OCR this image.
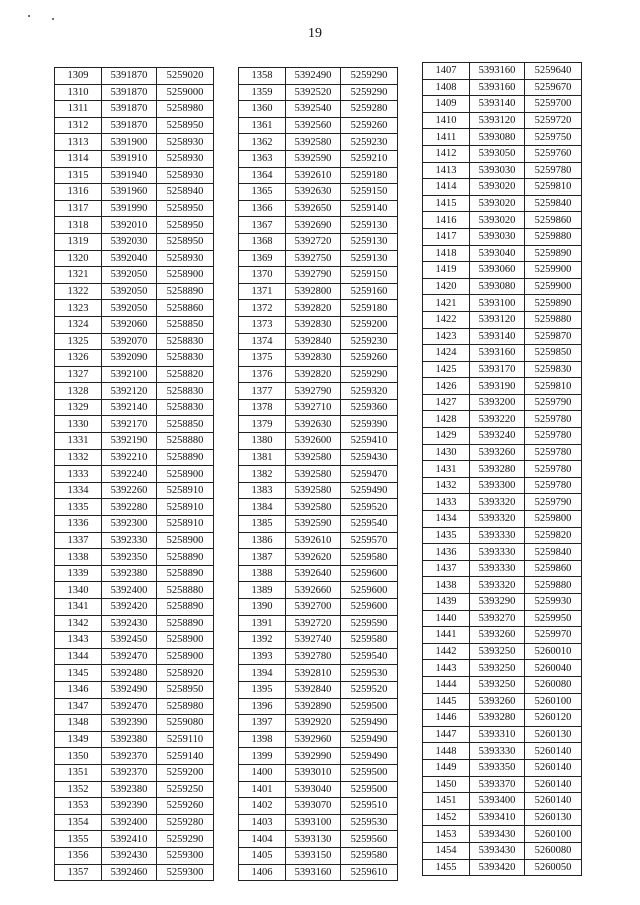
19
1309	5391870	5259020
1310	5391870	5259000
1311	5391870	5258980
1312	5391870	5258950
1313	5391900	5258930
1314	5391910	5258930
1315	5391940	5258930
1316	5391960	5258940
1317	5391990	5258950
1318	5392010	5258950
1319	5392030	5258950
1320	5392040	5258930
1321	5392050	5258900
1322	5392050	5258890
1323	5392050	5258860
1324	5392060	5258850
1325	5392070	5258830
1326	5392090	5258830
1327	5392100	5258820
1328	5392120	5258830
1329	5392140	5258830
1330	5392170	5258850
1331	5392190	5258880
1332	5392210	5258890
1333	5392240	5258900
1334	5392260	5258910
1335	5392280	5258910
1336	5392300	5258910
1337	5392330	5258900
1338	5392350	5258890
1339	5392380	5258890
1340	5392400	5258880
1341	5392420	5258890
1342	5392430	5258890
1343	5392450	5258900
1344	5392470	5258900
1345	5392480	5258920
1346	5392490	5258950
1347	5392470	5258980
1348	5392390	5259080
1349	5392380	5259110
1350	5392370	5259140
1351	5392370	5259200
1352	5392380	5259250
1353	5392390	5259260
1354	5392400	5259280
1355	5392410	5259290
1356	5392430	5259300
1357	5392460	5259300
1358	5392490	5259290
1359	5392520	5259290
1360	5392540	5259280
1361	5392560	5259260
1362	5392580	5259230
1363	5392590	5259210
1364	5392610	5259180
1365	5392630	5259150
1366	5392650	5259140
1367	5392690	5259130
1368	5392720	5259130
1369	5392750	5259130
1370	5392790	5259150
1371	5392800	5259160
1372	5392820	5259180
1373	5392830	5259200
1374	5392840	5259230
1375	5392830	5259260
1376	5392820	5259290
1377	5392790	5259320
1378	5392710	5259360
1379	5392630	5259390
1380	5392600	5259410
1381	5392580	5259430
1382	5392580	5259470
1383	5392580	5259490
1384	5392580	5259520
1385	5392590	5259540
1386	5392610	5259570
1387	5392620	5259580
1388	5392640	5259600
1389	5392660	5259600
1390	5392700	5259600
1391	5392720	5259590
1392	5392740	5259580
1393	5392780	5259540
1394	5392810	5259530
1395	5392840	5259520
1396	5392890	5259500
1397	5392920	5259490
1398	5392960	5259490
1399	5392990	5259490
1400	5393010	5259500
1401	5393040	5259500
1402	5393070	5259510
1403	5393100	5259530
1404	5393130	5259560
1405	5393150	5259580
1406	5393160	5259610
1407	5393160	5259640
1408	5393160	5259670
1409	5393140	5259700
1410	5393120	5259720
1411	5393080	5259750
1412	5393050	5259760
1413	5393030	5259780
1414	5393020	5259810
1415	5393020	5259840
1416	5393020	5259860
1417	5393030	5259880
1418	5393040	5259890
1419	5393060	5259900
1420	5393080	5259900
1421	5393100	5259890
1422	5393120	5259880
1423	5393140	5259870
1424	5393160	5259850
1425	5393170	5259830
1426	5393190	5259810
1427	5393200	5259790
1428	5393220	5259780
1429	5393240	5259780
1430	5393260	5259780
1431	5393280	5259780
1432	5393300	5259780
1433	5393320	5259790
1434	5393320	5259800
1435	5393330	5259820
1436	5393330	5259840
1437	5393330	5259860
1438	5393320	5259880
1439	5393290	5259930
1440	5393270	5259950
1441	5393260	5259970
1442	5393250	5260010
1443	5393250	5260040
1444	5393250	5260080
1445	5393260	5260100
1446	5393280	5260120
1447	5393310	5260130
1448	5393330	5260140
1449	5393350	5260140
1450	5393370	5260140
1451	5393400	5260140
1452	5393410	5260130
1453	5393430	5260100
1454	5393430	5260080
1455	5393420	5260050
